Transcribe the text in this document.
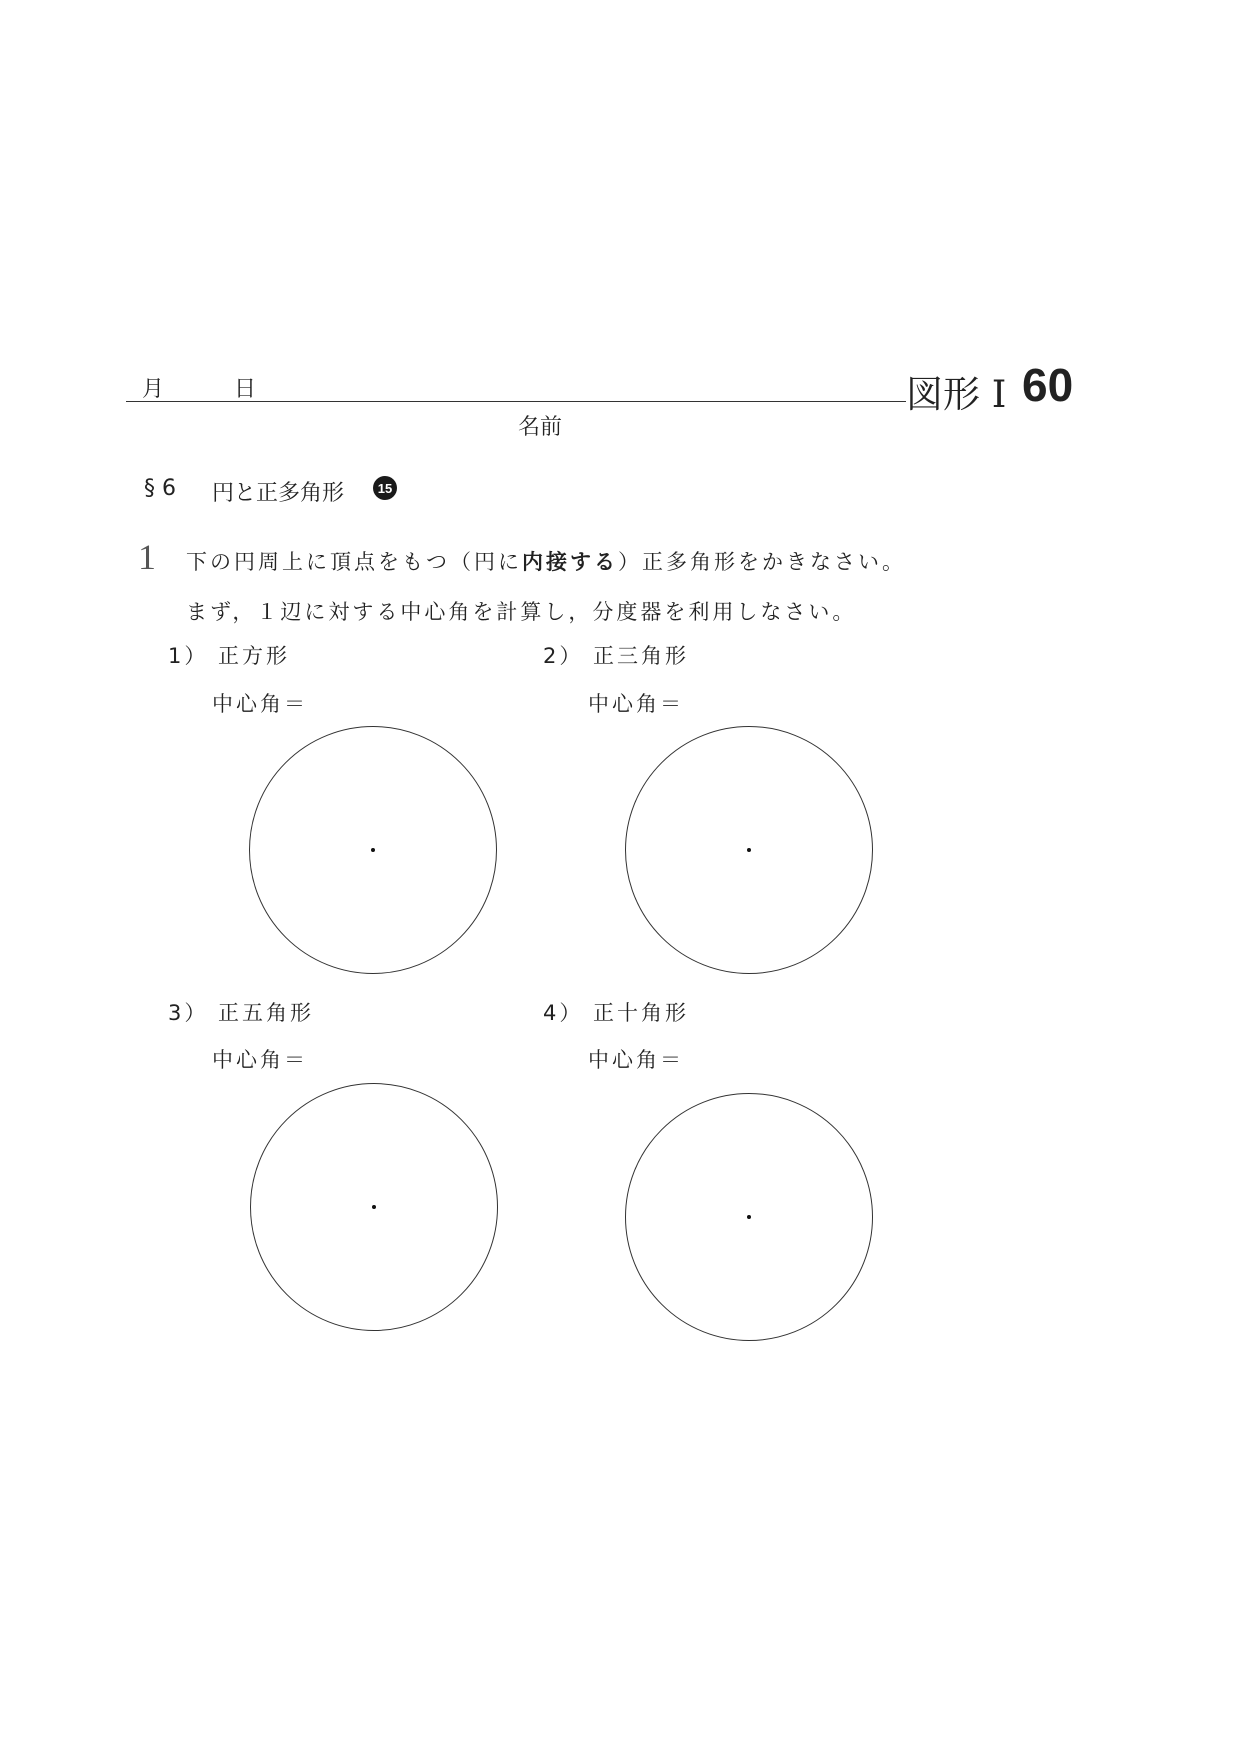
月	日
名前
図形 I 60
§ 6 円と正多角形	15
1 下の円周上に頂点をもつ（円に内接する）正多角形をかきなさい。
まず，１辺に対する中心角を計算し，分度器を利用しなさい。
1） 正方形
中心角＝
2） 正三角形
中心角＝
3） 正五角形
中心角＝
4） 正十角形
中心角＝
